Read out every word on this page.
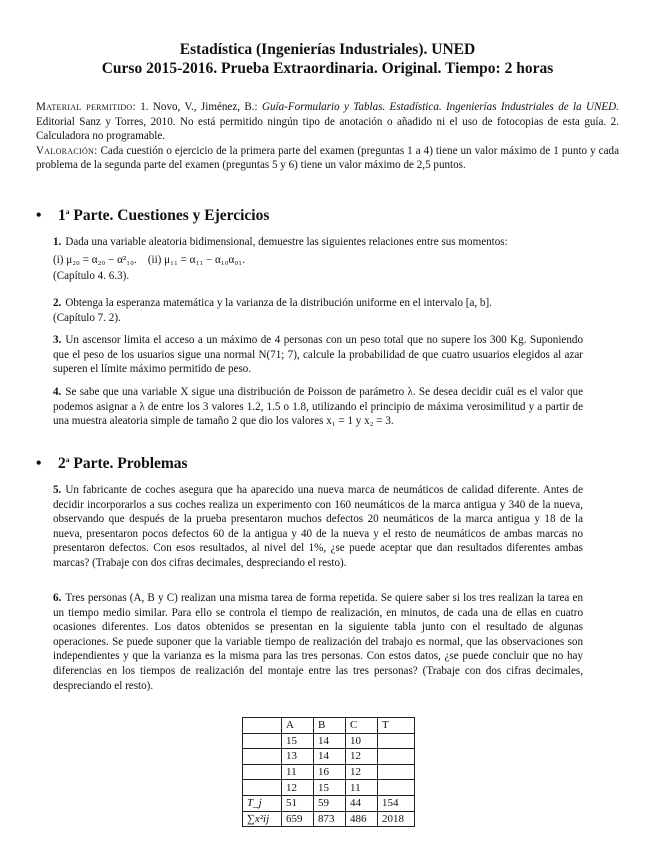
Estadística (Ingenierías Industriales). UNED
Curso 2015-2016. Prueba Extraordinaria. Original. Tiempo: 2 horas
Material permitido: 1. Novo, V., Jiménez, B.: Guía-Formulario y Tablas. Estadística. Ingenierías Industriales de la UNED. Editorial Sanz y Torres, 2010. No está permitido ningún tipo de anotación o añadido ni el uso de fotocopias de esta guía. 2. Calculadora no programable.
Valoración: Cada cuestión o ejercicio de la primera parte del examen (preguntas 1 a 4) tiene un valor máximo de 1 punto y cada problema de la segunda parte del examen (preguntas 5 y 6) tiene un valor máximo de 2,5 puntos.
• 1$^a$ Parte. Cuestiones y Ejercicios
1. Dada una variable aleatoria bidimensional, demuestre las siguientes relaciones entre sus momentos:
(i) μ₂₀ = α₂₀ − α²₁₀. (ii) μ₁₁ = α₁₁ − α₁₀α₀₁.
(Capítulo 4. 6.3).
2. Obtenga la esperanza matemática y la varianza de la distribución uniforme en el intervalo [a, b].
(Capítulo 7. 2).
3. Un ascensor limita el acceso a un máximo de 4 personas con un peso total que no supere los 300 Kg. Suponiendo que el peso de los usuarios sigue una normal N(71; 7), calcule la probabilidad de que cuatro usuarios elegidos al azar superen el límite máximo permitido de peso.
4. Se sabe que una variable X sigue una distribución de Poisson de parámetro λ. Se desea decidir cuál es el valor que podemos asignar a λ de entre los 3 valores 1.2, 1.5 o 1.8, utilizando el principio de máxima verosimilitud y a partir de una muestra aleatoria simple de tamaño 2 que dio los valores x₁ = 1 y x₂ = 3.
• 2$^a$ Parte. Problemas
5. Un fabricante de coches asegura que ha aparecido una nueva marca de neumáticos de calidad diferente. Antes de decidir incorporarlos a sus coches realiza un experimento con 160 neumáticos de la marca antigua y 340 de la nueva, observando que después de la prueba presentaron muchos defectos 20 neumáticos de la marca antigua y 18 de la nueva, presentaron pocos defectos 60 de la antigua y 40 de la nueva y el resto de neumáticos de ambas marcas no presentaron defectos. Con esos resultados, al nivel del 1%, ¿se puede aceptar que dan resultados diferentes ambas marcas? (Trabaje con dos cifras decimales, despreciando el resto).
6. Tres personas (A, B y C) realizan una misma tarea de forma repetida. Se quiere saber si los tres realizan la tarea en un tiempo medio similar. Para ello se controla el tiempo de realización, en minutos, de cada una de ellas en cuatro ocasiones diferentes. Los datos obtenidos se presentan en la siguiente tabla junto con el resultado de algunas operaciones. Se puede suponer que la variable tiempo de realización del trabajo es normal, que las observaciones son independientes y que la varianza es la misma para las tres personas. Con estos datos, ¿se puede concluir que no hay diferencias en los tiempos de realización del montaje entre las tres personas? (Trabaje con dos cifras decimales, despreciando el resto).
	A	B	C	T
	15	14	10	
	13	14	12	
	11	16	12	
	12	15	11	
T_j	51	59	44	154
∑x²ij	659	873	486	2018
